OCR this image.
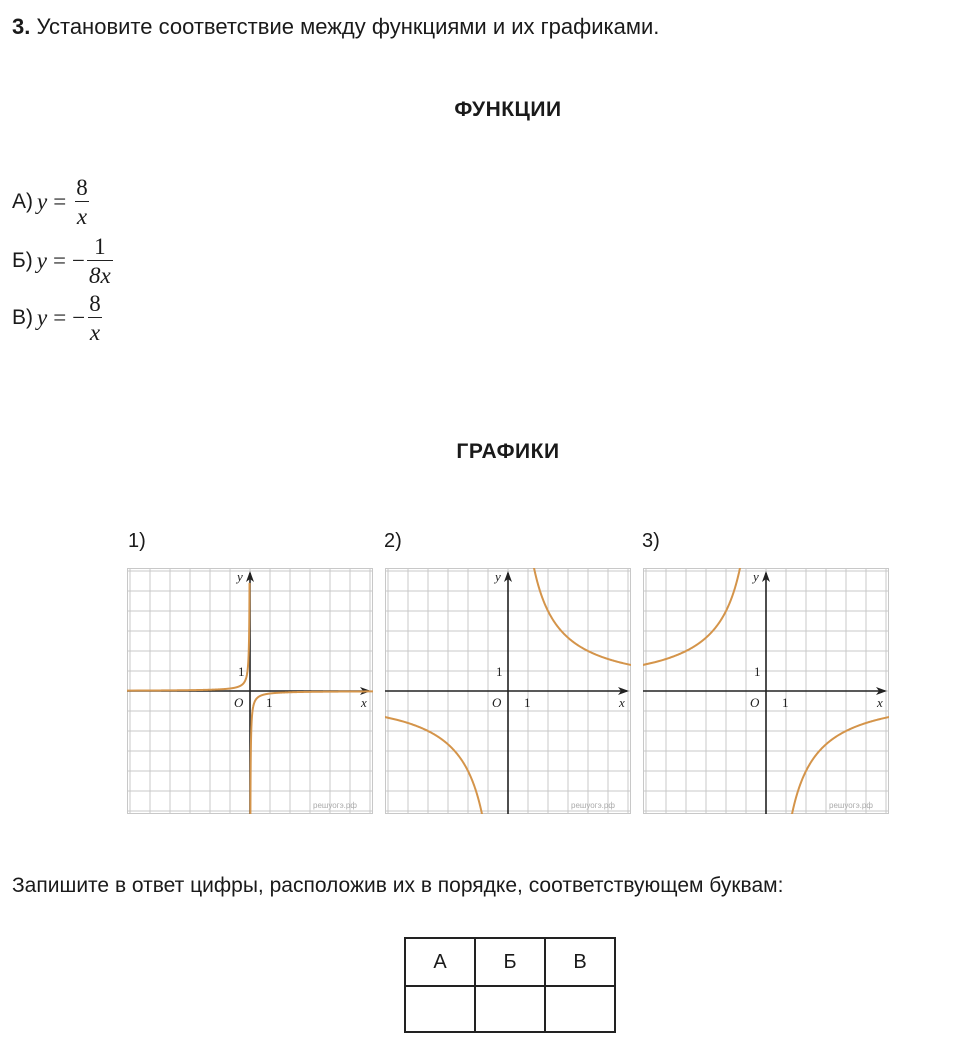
3. Установите соответствие между функциями и их графиками.
ФУНКЦИИ
А) $y = \frac{8}{x}$
Б) y = − $\frac{1}{8x}$
В) y = − $\frac{8}{x}$
ГРАФИКИ
1)	2)	3)
x
y
O 1
1
решуогэ.рф
x
y
O 1
1
решуогэ.рф
x
y
O 1
1
решуогэ.рф
Запишите в ответ цифры, расположив их в порядке, соответствующем буквам:
А	Б	В
